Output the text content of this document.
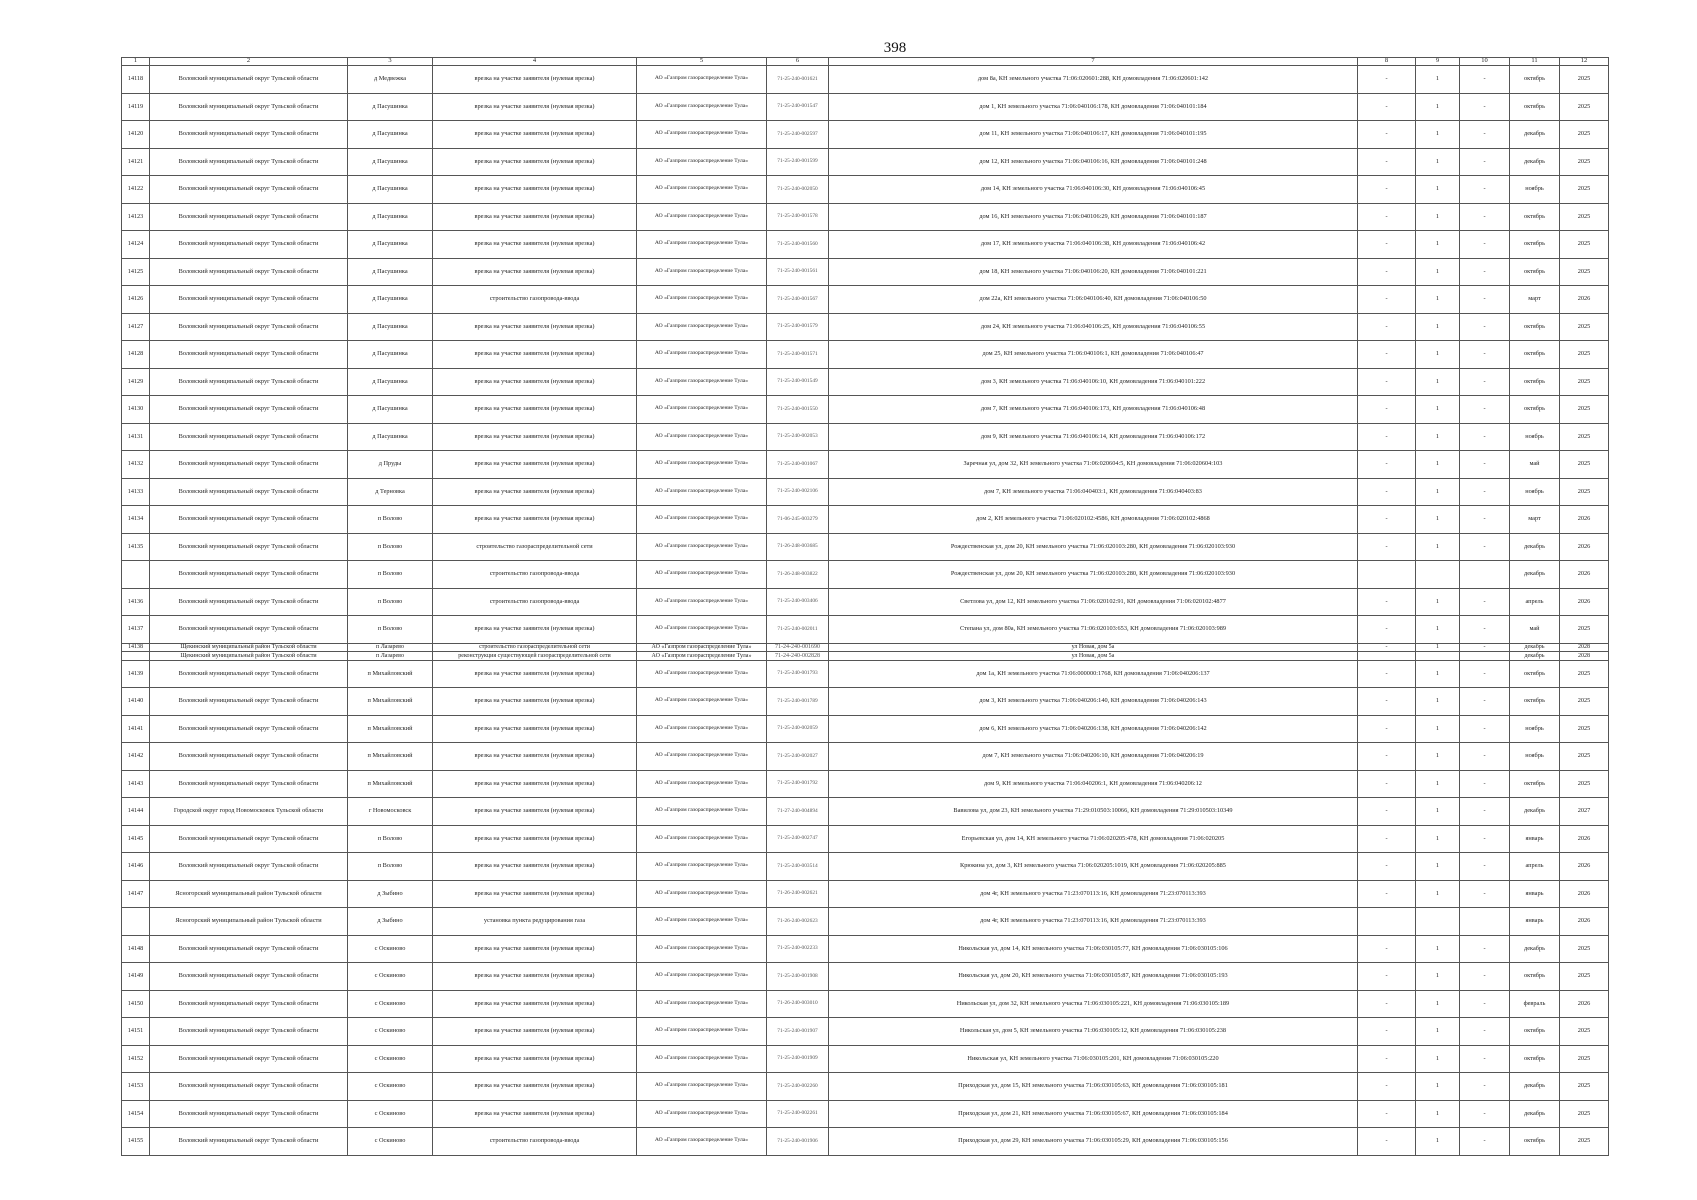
398
1	2	3	4	5	6	7	8	9	10	11	12
14118	Воловский муниципальный округ Тульской области	д Медвежка	врезка на участке заявителя (нулевая врезка)	АО «Газпром газораспределение Тула»	71-25-240-001621	дом 8а, КН земельного участка 71:06:020601:288, КН домовладения 71:06:020601:142	-	1	-	октябрь	2025
14119	Воловский муниципальный округ Тульской области	д Пасушинка	врезка на участке заявителя (нулевая врезка)	АО «Газпром газораспределение Тула»	71-25-240-001547	дом 1, КН земельного участка 71:06:040106:178, КН домовладения 71:06:040101:184	-	1	-	октябрь	2025
14120	Воловский муниципальный округ Тульской области	д Пасушинка	врезка на участке заявителя (нулевая врезка)	АО «Газпром газораспределение Тула»	71-25-240-002597	дом 11, КН земельного участка 71:06:040106:17, КН домовладения 71:06:040101:195	-	1	-	декабрь	2025
14121	Воловский муниципальный округ Тульской области	д Пасушинка	врезка на участке заявителя (нулевая врезка)	АО «Газпром газораспределение Тула»	71-25-240-001599	дом 12, КН земельного участка 71:06:040106:16, КН домовладения 71:06:040101:248	-	1	-	декабрь	2025
14122	Воловский муниципальный округ Тульской области	д Пасушинка	врезка на участке заявителя (нулевая врезка)	АО «Газпром газораспределение Тула»	71-25-240-002050	дом 14, КН земельного участка 71:06:040106:30, КН домовладения 71:06:040106:45	-	1	-	ноябрь	2025
14123	Воловский муниципальный округ Тульской области	д Пасушинка	врезка на участке заявителя (нулевая врезка)	АО «Газпром газораспределение Тула»	71-25-240-001578	дом 16, КН земельного участка 71:06:040106:29, КН домовладения 71:06:040101:187	-	1	-	октябрь	2025
14124	Воловский муниципальный округ Тульской области	д Пасушинка	врезка на участке заявителя (нулевая врезка)	АО «Газпром газораспределение Тула»	71-25-240-001560	дом 17, КН земельного участка 71:06:040106:38, КН домовладения 71:06:040106:42	-	1	-	октябрь	2025
14125	Воловский муниципальный округ Тульской области	д Пасушинка	врезка на участке заявителя (нулевая врезка)	АО «Газпром газораспределение Тула»	71-25-240-001561	дом 18, КН земельного участка 71:06:040106:20, КН домовладения 71:06:040101:221	-	1	-	октябрь	2025
14126	Воловский муниципальный округ Тульской области	д Пасушинка	строительство газопровода-ввода	АО «Газпром газораспределение Тула»	71-25-240-001567	дом 22а, КН земельного участка 71:06:040106:40, КН домовладения 71:06:040106:50	-	1	-	март	2026
14127	Воловский муниципальный округ Тульской области	д Пасушинка	врезка на участке заявителя (нулевая врезка)	АО «Газпром газораспределение Тула»	71-25-240-001579	дом 24, КН земельного участка 71:06:040106:25, КН домовладения 71:06:040106:55	-	1	-	октябрь	2025
14128	Воловский муниципальный округ Тульской области	д Пасушинка	врезка на участке заявителя (нулевая врезка)	АО «Газпром газораспределение Тула»	71-25-240-001571	дом 25, КН земельного участка 71:06:040106:1, КН домовладения 71:06:040106:47	-	1	-	октябрь	2025
14129	Воловский муниципальный округ Тульской области	д Пасушинка	врезка на участке заявителя (нулевая врезка)	АО «Газпром газораспределение Тула»	71-25-240-001549	дом 3, КН земельного участка 71:06:040106:10, КН домовладения 71:06:040101:222	-	1	-	октябрь	2025
14130	Воловский муниципальный округ Тульской области	д Пасушинка	врезка на участке заявителя (нулевая врезка)	АО «Газпром газораспределение Тула»	71-25-240-001550	дом 7, КН земельного участка 71:06:040106:173, КН домовладения 71:06:040106:48	-	1	-	октябрь	2025
14131	Воловский муниципальный округ Тульской области	д Пасушинка	врезка на участке заявителя (нулевая врезка)	АО «Газпром газораспределение Тула»	71-25-240-002053	дом 9, КН земельного участка 71:06:040106:14, КН домовладения 71:06:040106:172	-	1	-	ноябрь	2025
14132	Воловский муниципальный округ Тульской области	д Пруды	врезка на участке заявителя (нулевая врезка)	АО «Газпром газораспределение Тула»	71-25-240-001067	Заречная ул, дом 32, КН земельного участка 71:06:020604:5, КН домовладения 71:06:020604:103	-	1	-	май	2025
14133	Воловский муниципальный округ Тульской области	д Терновка	врезка на участке заявителя (нулевая врезка)	АО «Газпром газораспределение Тула»	71-25-240-002106	дом 7, КН земельного участка 71:06:040403:1, КН домовладения 71:06:040403:83	-	1	-	ноябрь	2025
14134	Воловский муниципальный округ Тульской области	п Волово	врезка на участке заявителя (нулевая врезка)	АО «Газпром газораспределение Тула»	71-06-245-003279	дом 2, КН земельного участка 71:06:020102:4586, КН домовладения 71:06:020102:4868	-	1	-	март	2026
14135	Воловский муниципальный округ Тульской области	п Волово	строительство газораспределительной сети	АО «Газпром газораспределение Тула»	71-26-248-003685	Рождественская ул, дом 20, КН земельного участка 71:06:020103:280, КН домовладения 71:06:020103:930	-	1	-	декабрь	2026
	Воловский муниципальный округ Тульской области	п Волово	строительство газопровода-ввода	АО «Газпром газораспределение Тула»	71-26-248-003822	Рождественская ул, дом 20, КН земельного участка 71:06:020103:280, КН домовладения 71:06:020103:930				декабрь	2026
14136	Воловский муниципальный округ Тульской области	п Волово	строительство газопровода-ввода	АО «Газпром газораспределение Тула»	71-25-240-003406	Светлова ул, дом 12, КН земельного участка 71:06:020102:91, КН домовладения 71:06:020102:4877	-	1	-	апрель	2026
14137	Воловский муниципальный округ Тульской области	п Волово	врезка на участке заявителя (нулевая врезка)	АО «Газпром газораспределение Тула»	71-25-240-002011	Степана ул, дом 80а, КН земельного участка 71:06:020103:653, КН домовладения 71:06:020103:989	-	1	-	май	2025
14138	Щекинский муниципальный район Тульской области	п Лазарево	строительство газораспределительной сети	АО «Газпром газораспределение Тула»	71-24-240-001690	ул Новая, дом 5а	-	1	-	декабрь	2028
	Щекинский муниципальный район Тульской области	п Лазарево	реконструкция существующей газораспределительной сети	АО «Газпром газораспределение Тула»	71-24-240-002828	ул Новая, дом 5а				декабрь	2028
14139	Воловский муниципальный округ Тульской области	п Михайловский	врезка на участке заявителя (нулевая врезка)	АО «Газпром газораспределение Тула»	71-25-240-001793	дом 1а, КН земельного участка 71:06:000000:1768, КН домовладения 71:06:040206:137	-	1	-	октябрь	2025
14140	Воловский муниципальный округ Тульской области	п Михайловский	врезка на участке заявителя (нулевая врезка)	АО «Газпром газораспределение Тула»	71-25-240-001789	дом 3, КН земельного участка 71:06:040206:140, КН домовладения 71:06:040206:143	-	1	-	октябрь	2025
14141	Воловский муниципальный округ Тульской области	п Михайловский	врезка на участке заявителя (нулевая врезка)	АО «Газпром газораспределение Тула»	71-25-240-002059	дом 6, КН земельного участка 71:06:040206:138, КН домовладения 71:06:040206:142	-	1	-	ноябрь	2025
14142	Воловский муниципальный округ Тульской области	п Михайловский	врезка на участке заявителя (нулевая врезка)	АО «Газпром газораспределение Тула»	71-25-240-002027	дом 7, КН земельного участка 71:06:040206:10, КН домовладения 71:06:040206:19	-	1	-	ноябрь	2025
14143	Воловский муниципальный округ Тульской области	п Михайловский	врезка на участке заявителя (нулевая врезка)	АО «Газпром газораспределение Тула»	71-25-240-001792	дом 9, КН земельного участка 71:06:040206:1, КН домовладения 71:06:040206:12	-	1	-	октябрь	2025
14144	Городской округ город Новомосковск Тульской области	г Новомосковск	врезка на участке заявителя (нулевая врезка)	АО «Газпром газораспределение Тула»	71-27-240-004894	Вавилова ул, дом 23, КН земельного участка 71:29:010503:10066, КН домовладения 71:29:010503:10349	-	1	-	декабрь	2027
14145	Воловский муниципальный округ Тульской области	п Волово	врезка на участке заявителя (нулевая врезка)	АО «Газпром газораспределение Тула»	71-25-240-002747	Егорьевская ул, дом 14, КН земельного участка 71:06:020205:478, КН домовладения 71:06:020205	-	1	-	январь	2026
14146	Воловский муниципальный округ Тульской области	п Волово	врезка на участке заявителя (нулевая врезка)	АО «Газпром газораспределение Тула»	71-25-240-003514	Крюкина ул, дом 3, КН земельного участка 71:06:020205:1019, КН домовладения 71:06:020205:885	-	1	-	апрель	2026
14147	Ясногорский муниципальный район Тульской области	д Зыбино	врезка на участке заявителя (нулевая врезка)	АО «Газпром газораспределение Тула»	71-26-240-002621	дом 4г, КН земельного участка 71:23:070113:16, КН домовладения 71:23:070113:393	-	1	-	январь	2026
	Ясногорский муниципальный район Тульской области	д Зыбино	установка пункта редуцирования газа	АО «Газпром газораспределение Тула»	71-26-240-002623	дом 4г, КН земельного участка 71:23:070113:16, КН домовладения 71:23:070113:393				январь	2026
14148	Воловский муниципальный округ Тульской области	с Оскиново	врезка на участке заявителя (нулевая врезка)	АО «Газпром газораспределение Тула»	71-25-240-002233	Никольская ул, дом 14, КН земельного участка 71:06:030105:77, КН домовладения 71:06:030105:106	-	1	-	декабрь	2025
14149	Воловский муниципальный округ Тульской области	с Оскиново	врезка на участке заявителя (нулевая врезка)	АО «Газпром газораспределение Тула»	71-25-240-001908	Никольская ул, дом 20, КН земельного участка 71:06:030105:87, КН домовладения 71:06:030105:193	-	1	-	октябрь	2025
14150	Воловский муниципальный округ Тульской области	с Оскиново	врезка на участке заявителя (нулевая врезка)	АО «Газпром газораспределение Тула»	71-26-240-003010	Никольская ул, дом 32, КН земельного участка 71:06:030105:221, КН домовладения 71:06:030105:189	-	1	-	февраль	2026
14151	Воловский муниципальный округ Тульской области	с Оскиново	врезка на участке заявителя (нулевая врезка)	АО «Газпром газораспределение Тула»	71-25-240-001907	Никольская ул, дом 5, КН земельного участка 71:06:030105:12, КН домовладения 71:06:030105:238	-	1	-	октябрь	2025
14152	Воловский муниципальный округ Тульской области	с Оскиново	врезка на участке заявителя (нулевая врезка)	АО «Газпром газораспределение Тула»	71-25-240-001909	Никольская ул, КН земельного участка 71:06:030105:201, КН домовладения 71:06:030105:220	-	1	-	октябрь	2025
14153	Воловский муниципальный округ Тульской области	с Оскиново	врезка на участке заявителя (нулевая врезка)	АО «Газпром газораспределение Тула»	71-25-240-002260	Приходская ул, дом 15, КН земельного участка 71:06:030105:63, КН домовладения 71:06:030105:181	-	1	-	декабрь	2025
14154	Воловский муниципальный округ Тульской области	с Оскиново	врезка на участке заявителя (нулевая врезка)	АО «Газпром газораспределение Тула»	71-25-240-002261	Приходская ул, дом 21, КН земельного участка 71:06:030105:67, КН домовладения 71:06:030105:184	-	1	-	декабрь	2025
14155	Воловский муниципальный округ Тульской области	с Оскиново	строительство газопровода-ввода	АО «Газпром газораспределение Тула»	71-25-240-001906	Приходская ул, дом 29, КН земельного участка 71:06:030105:29, КН домовладения 71:06:030105:156	-	1	-	октябрь	2025
